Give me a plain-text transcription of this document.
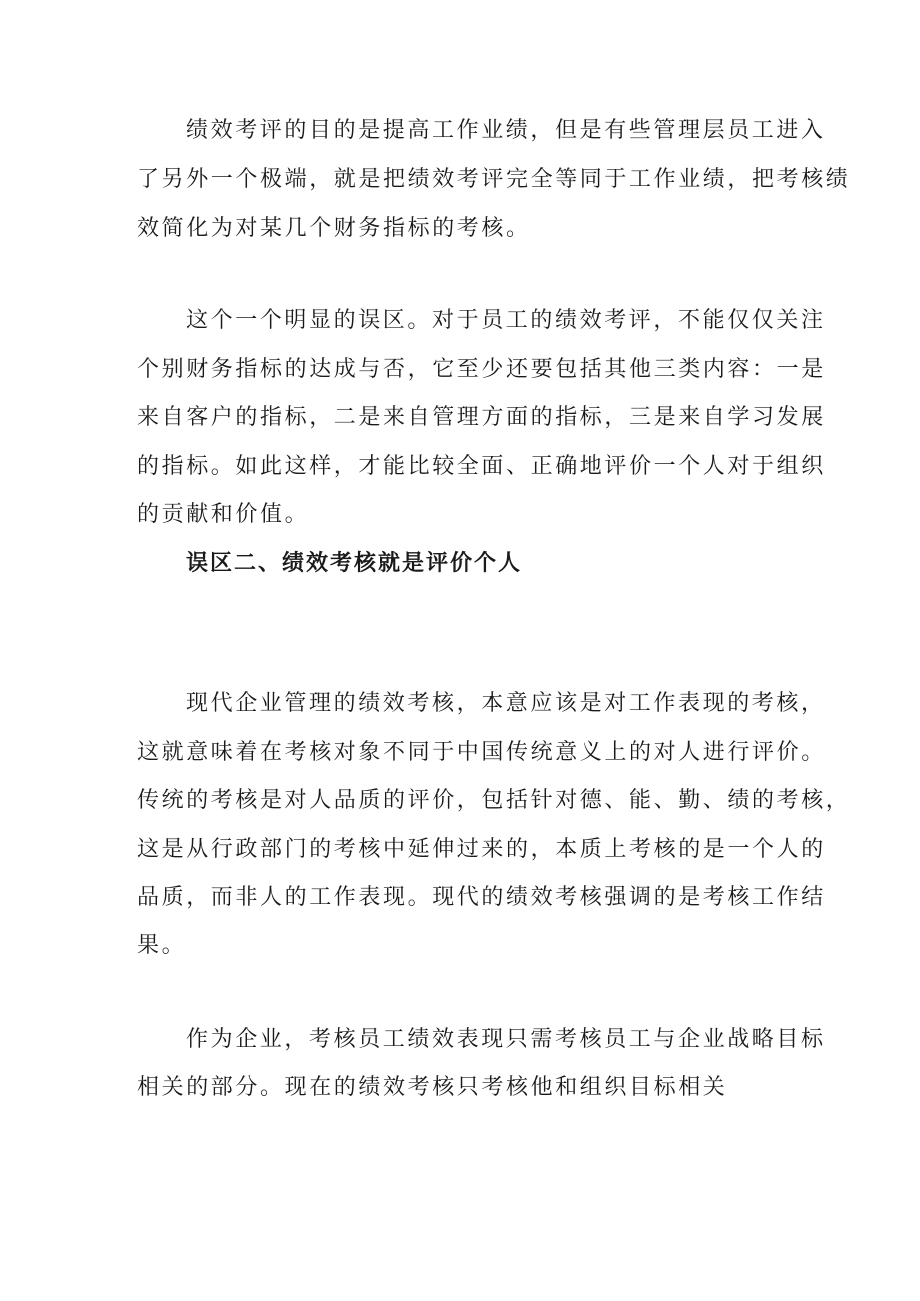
绩效考评的目的是提高工作业绩，但是有些管理层员工进入
了另外一个极端，就是把绩效考评完全等同于工作业绩，把考核绩
效简化为对某几个财务指标的考核。
这个一个明显的误区。对于员工的绩效考评，不能仅仅关注
个别财务指标的达成与否，它至少还要包括其他三类内容：一是
来自客户的指标，二是来自管理方面的指标，三是来自学习发展
的指标。如此这样，才能比较全面、正确地评价一个人对于组织
的贡献和价值。
误区二、绩效考核就是评价个人
现代企业管理的绩效考核，本意应该是对工作表现的考核，
这就意味着在考核对象不同于中国传统意义上的对人进行评价。
传统的考核是对人品质的评价，包括针对德、能、勤、绩的考核，
这是从行政部门的考核中延伸过来的，本质上考核的是一个人的
品质，而非人的工作表现。现代的绩效考核强调的是考核工作结
果。
作为企业，考核员工绩效表现只需考核员工与企业战略目标
相关的部分。现在的绩效考核只考核他和组织目标相关
